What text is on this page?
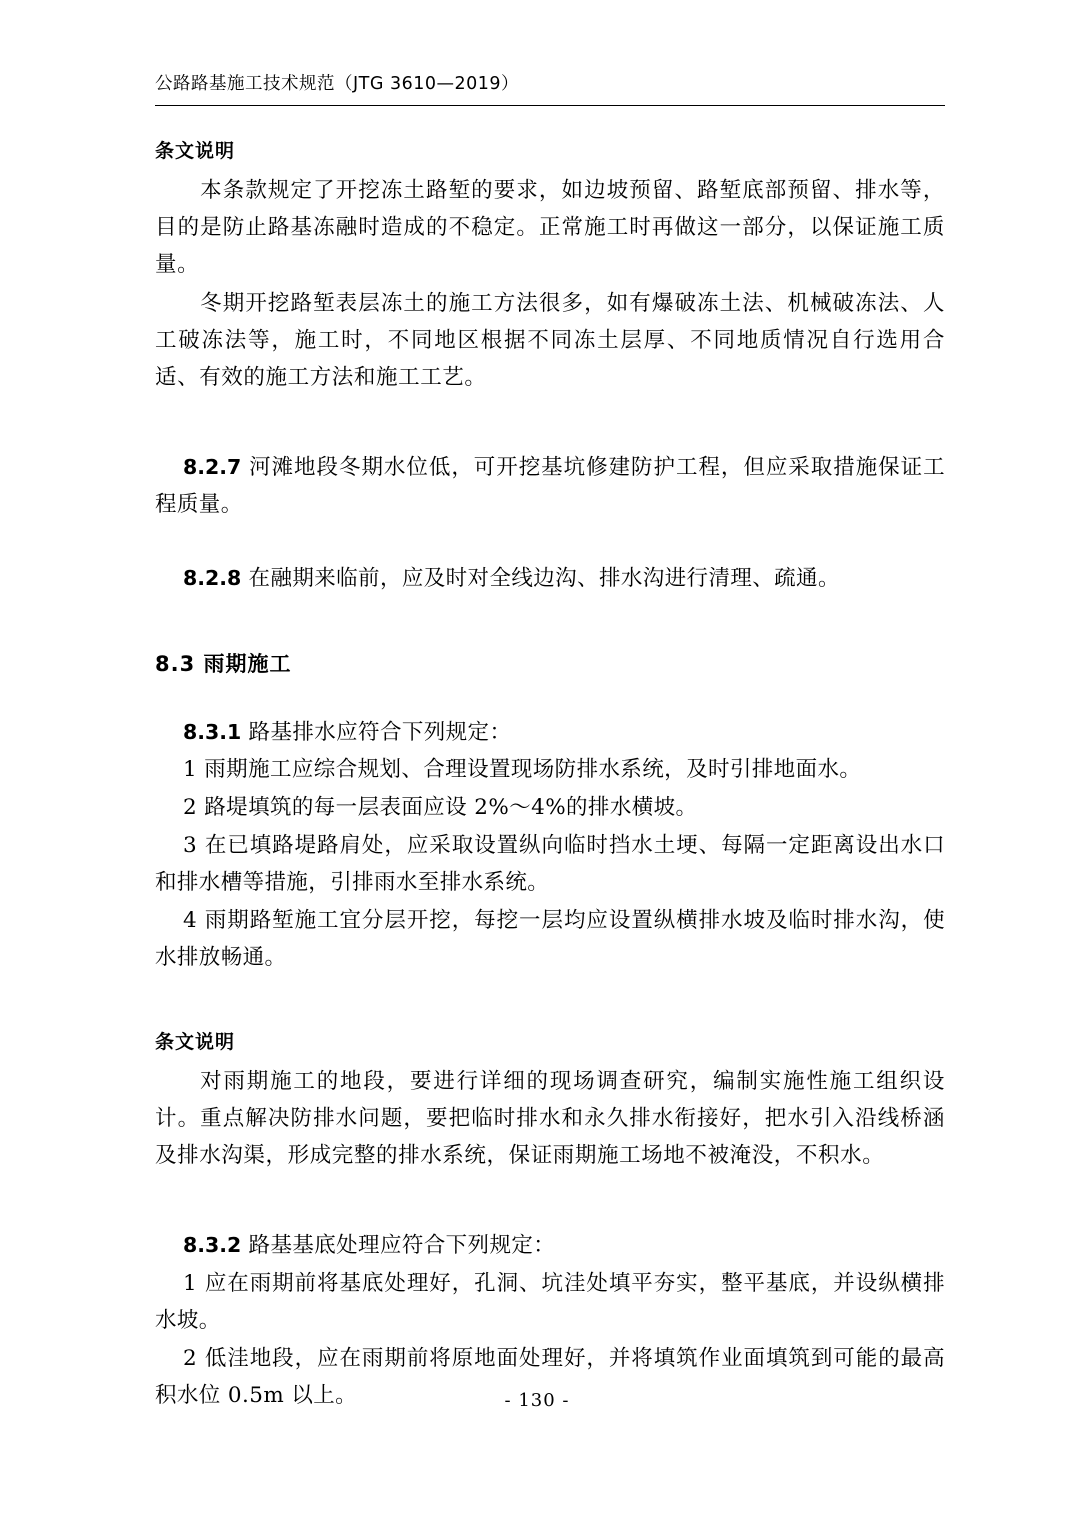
公路路基施工技术规范（JTG 3610—2019）
条文说明

本条款规定了开挖冻土路堑的要求，如边坡预留、路堑底部预留、排水等，目的是防止路基冻融时造成的不稳定。正常施工时再做这一部分，以保证施工质量。

冬期开挖路堑表层冻土的施工方法很多，如有爆破冻土法、机械破冻法、人工破冻法等，施工时，不同地区根据不同冻土层厚、不同地质情况自行选用合适、有效的施工方法和施工工艺。

8.2.7 河滩地段冬期水位低，可开挖基坑修建防护工程，但应采取措施保证工程质量。

8.2.8 在融期来临前，应及时对全线边沟、排水沟进行清理、疏通。

8.3 雨期施工

8.3.1 路基排水应符合下列规定：

1 雨期施工应综合规划、合理设置现场防排水系统，及时引排地面水。

2 路堤填筑的每一层表面应设 2%～4%的排水横坡。

3 在已填路堤路肩处，应采取设置纵向临时挡水土埂、每隔一定距离设出水口和排水槽等措施，引排雨水至排水系统。

4 雨期路堑施工宜分层开挖，每挖一层均应设置纵横排水坡及临时排水沟，使水排放畅通。

条文说明

对雨期施工的地段，要进行详细的现场调查研究，编制实施性施工组织设计。重点解决防排水问题，要把临时排水和永久排水衔接好，把水引入沿线桥涵及排水沟渠，形成完整的排水系统，保证雨期施工场地不被淹没，不积水。

8.3.2 路基基底处理应符合下列规定：

1 应在雨期前将基底处理好，孔洞、坑洼处填平夯实，整平基底，并设纵横排水坡。

2 低洼地段，应在雨期前将原地面处理好，并将填筑作业面填筑到可能的最高积水位 0.5m 以上。	- 130 -
